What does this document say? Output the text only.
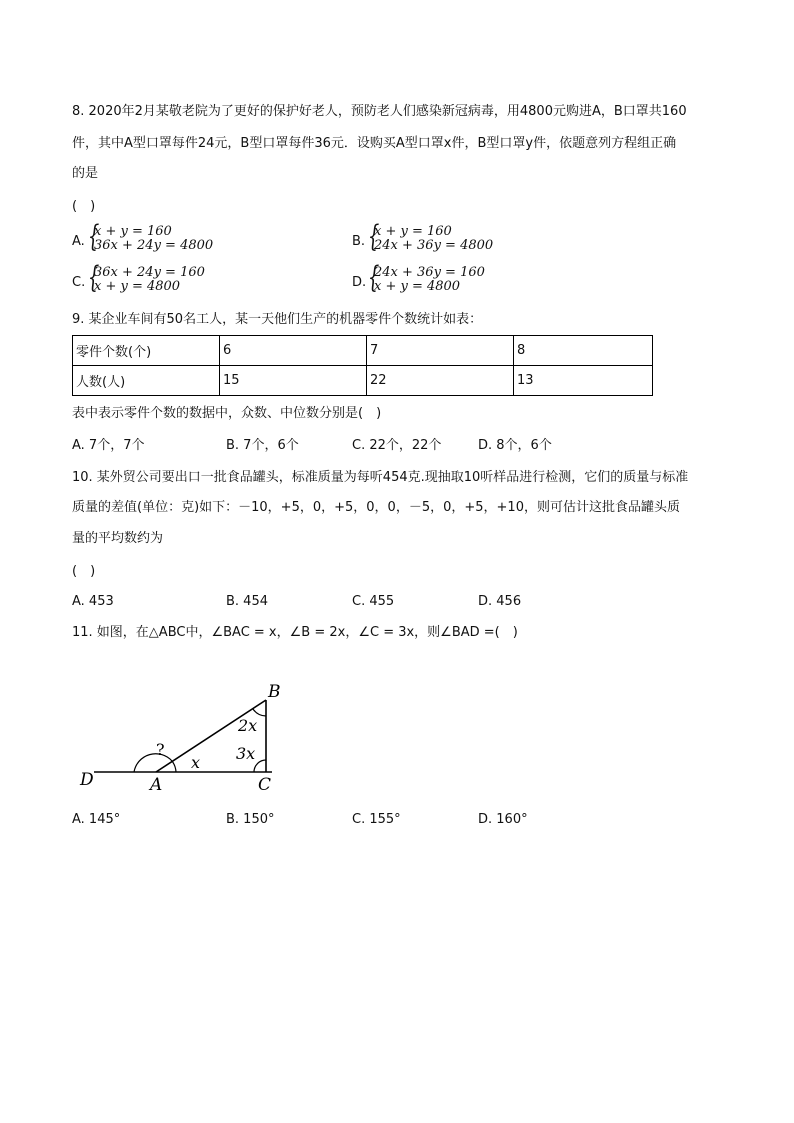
8. 2020年2月某敬老院为了更好的保护好老人，预防老人们感染新冠病毒，用4800元购进A，B口罩共160
件，其中A型口罩每件24元，B型口罩每件36元．设购买A型口罩x件，B型口罩y件，依题意列方程组正确
的是
(　)
A. {
x + y = 160
36x + 24y = 4800	B. {
x + y = 160
24x + 36y = 4800
C. {
36x + 24y = 160
x + y = 4800	D. {
24x + 36y = 160
x + y = 4800
9. 某企业车间有50名工人，某一天他们生产的机器零件个数统计如表：
零件个数(个)	6	7	8
人数(人)	15	22	13
表中表示零件个数的数据中，众数、中位数分别是(　)
A. 7个，7个	B. 7个，6个	C. 22个，22个	D. 8个，6个
10. 某外贸公司要出口一批食品罐头，标准质量为每听454克.现抽取10听样品进行检测，它们的质量与标准
质量的差值(单位：克)如下：－10，+5，0，+5，0，0，－5，0，+5，+10，则可估计这批食品罐头质
量的平均数约为
(　)
A. 453	B. 454	C. 455	D. 456
11. 如图，在△ABC中，∠BAC = x，∠B = 2x，∠C = 3x，则∠BAD =(　)
B
A	C
D
?
x
2x
3x
A. 145°	B. 150°	C. 155°	D. 160°
